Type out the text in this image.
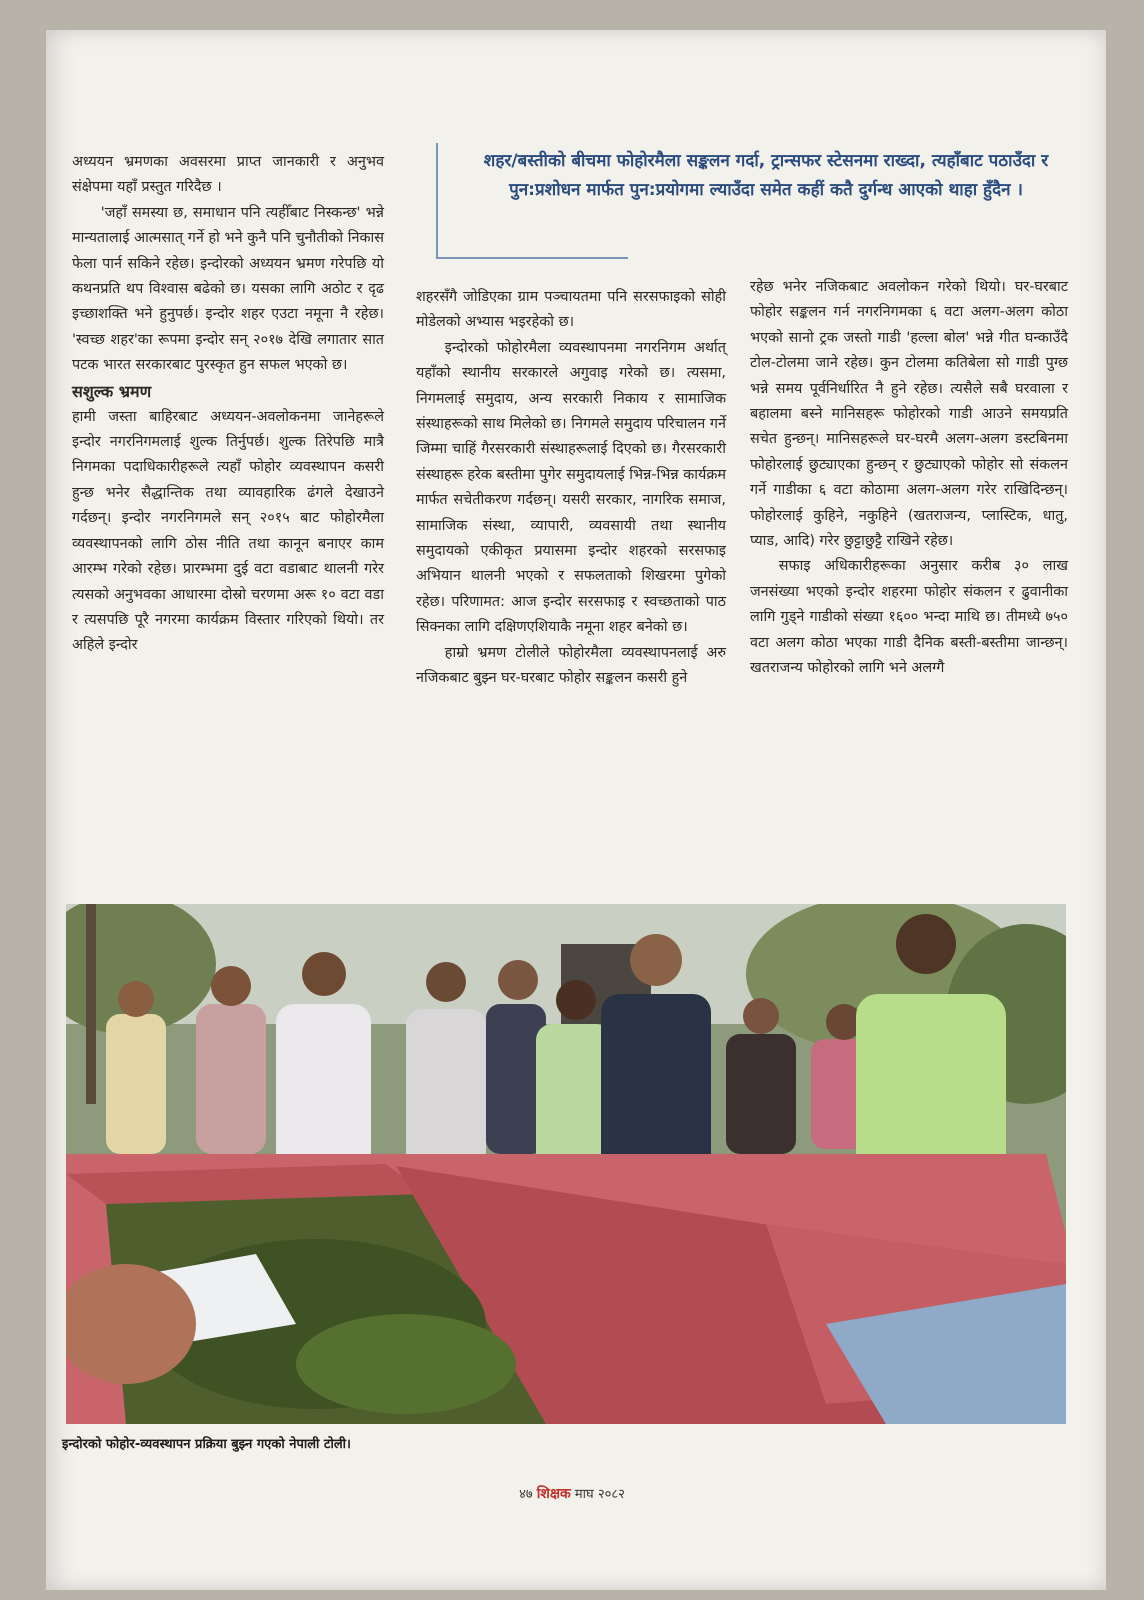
अध्ययन भ्रमणका अवसरमा प्राप्त जानकारी र अनुभव संक्षेपमा यहाँ प्रस्तुत गरिदैछ ।

'जहाँ समस्या छ, समाधान पनि त्यहीँबाट निस्कन्छ' भन्ने मान्यतालाई आत्मसात् गर्ने हो भने कुनै पनि चुनौतीको निकास फेला पार्न सकिने रहेछ। इन्दोरको अध्ययन भ्रमण गरेपछि यो कथनप्रति थप विश्वास बढेको छ। यसका लागि अठोट र दृढ इच्छाशक्ति भने हुनुपर्छ। इन्दोर शहर एउटा नमूना नै रहेछ। 'स्वच्छ शहर'का रूपमा इन्दोर सन् २०१७ देखि लगातार सात पटक भारत सरकारबाट पुरस्कृत हुन सफल भएको छ।

सशुल्क भ्रमण

हामी जस्ता बाहिरबाट अध्ययन-अवलोकनमा जानेहरूले इन्दोर नगरनिगमलाई शुल्क तिर्नुपर्छ। शुल्क तिरेपछि मात्रै निगमका पदाधिकारीहरूले त्यहाँ फोहोर व्यवस्थापन कसरी हुन्छ भनेर सैद्धान्तिक तथा व्यावहारिक ढंगले देखाउने गर्दछन्। इन्दोर नगरनिगमले सन् २०१५ बाट फोहोरमैला व्यवस्थापनको लागि ठोस नीति तथा कानून बनाएर काम आरम्भ गरेको रहेछ। प्रारम्भमा दुई वटा वडाबाट थालनी गरेर त्यसको अनुभवका आधारमा दोस्रो चरणमा अरू १० वटा वडा र त्यसपछि पूरै नगरमा कार्यक्रम विस्तार गरिएको थियो। तर अहिले इन्दोर

शहर/बस्तीको बीचमा फोहोरमैला सङ्कलन गर्दा, ट्रान्सफर स्टेसनमा राख्दा, त्यहाँबाट पठाउँदा र पुन:प्रशोधन मार्फत पुन:प्रयोगमा ल्याउँदा समेत कहीं कतै दुर्गन्ध आएको थाहा हुँदैन ।

शहरसँगै जोडिएका ग्राम पञ्चायतमा पनि सरसफाइको सोही मोडेलको अभ्यास भइरहेको छ।

इन्दोरको फोहोरमैला व्यवस्थापनमा नगरनिगम अर्थात् यहाँको स्थानीय सरकारले अगुवाइ गरेको छ। त्यसमा, निगमलाई समुदाय, अन्य सरकारी निकाय र सामाजिक संस्थाहरूको साथ मिलेको छ। निगमले समुदाय परिचालन गर्ने जिम्मा चाहिं गैरसरकारी संस्थाहरूलाई दिएको छ। गैरसरकारी संस्थाहरू हरेक बस्तीमा पुगेर समुदायलाई भिन्न-भिन्न कार्यक्रम मार्फत सचेतीकरण गर्दछन्। यसरी सरकार, नागरिक समाज, सामाजिक संस्था, व्यापारी, व्यवसायी तथा स्थानीय समुदायको एकीकृत प्रयासमा इन्दोर शहरको सरसफाइ अभियान थालनी भएको र सफलताको शिखरमा पुगेको रहेछ। परिणामत: आज इन्दोर सरसफाइ र स्वच्छताको पाठ सिक्नका लागि दक्षिणएशियाकै नमूना शहर बनेको छ।

हाम्रो भ्रमण टोलीले फोहोरमैला व्यवस्थापनलाई अरु नजिकबाट बुझ्न घर-घरबाट फोहोर सङ्कलन कसरी हुने

रहेछ भनेर नजिकबाट अवलोकन गरेको थियो। घर-घरबाट फोहोर सङ्कलन गर्न नगरनिगमका ६ वटा अलग-अलग कोठा भएको सानो ट्रक जस्तो गाडी 'हल्ला बोल' भन्ने गीत घन्काउँदै टोल-टोलमा जाने रहेछ। कुन टोलमा कतिबेला सो गाडी पुग्छ भन्ने समय पूर्वनिर्धारित नै हुने रहेछ। त्यसैले सबै घरवाला र बहालमा बस्ने मानिसहरू फोहोरको गाडी आउने समयप्रति सचेत हुन्छन्। मानिसहरूले घर-घरमै अलग-अलग डस्टबिनमा फोहोरलाई छुट्याएका हुन्छन् र छुट्याएको फोहोर सो संकलन गर्ने गाडीका ६ वटा कोठामा अलग-अलग गरेर राखिदिन्छन्। फोहोरलाई कुहिने, नकुहिने (खतराजन्य, प्लास्टिक, धातु, प्याड, आदि) गरेर छुट्टाछुट्टै राखिने रहेछ।

सफाइ अधिकारीहरूका अनुसार करीब ३० लाख जनसंख्या भएको इन्दोर शहरमा फोहोर संकलन र ढुवानीका लागि गुड्ने गाडीको संख्या १६०० भन्दा माथि छ। तीमध्ये ७५० वटा अलग कोठा भएका गाडी दैनिक बस्ती-बस्तीमा जान्छन्। खतराजन्य फोहोरको लागि भने अलग्गै

इन्दोरको फोहोर-व्यवस्थापन प्रक्रिया बुझ्न गएको नेपाली टोली।
४७ शिक्षक माघ २०८२
